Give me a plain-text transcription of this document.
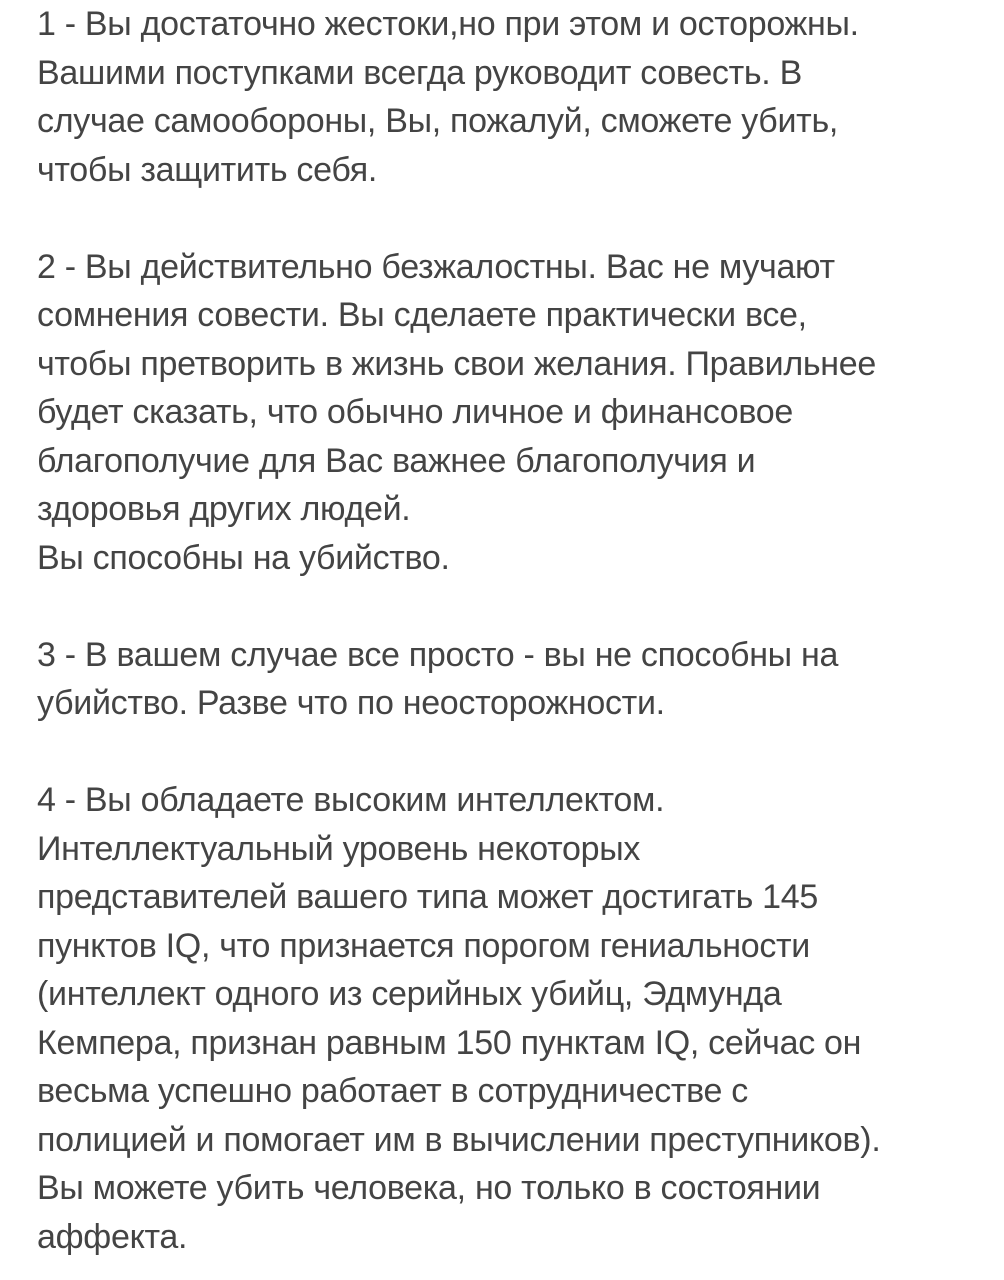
1 - Вы достаточно жестоки,но при этом и осторожны.
Вашими поступками всегда руководит совесть. В
случае самообороны, Вы, пожалуй, сможете убить,
чтобы защитить себя.

2 - Вы действительно безжалостны. Вас не мучают
сомнения совести. Вы сделаете практически все,
чтобы претворить в жизнь свои желания. Правильнее
будет сказать, что обычно личное и финансовое
благополучие для Вас важнее благополучия и
здоровья других людей.
Вы способны на убийство.

3 - В вашем случае все просто - вы не способны на
убийство. Разве что по неосторожности.

4 - Вы обладаете высоким интеллектом.
Интеллектуальный уровень некоторых
представителей вашего типа может достигать 145
пунктов IQ, что признается порогом гениальности
(интеллект одного из серийных убийц, Эдмунда
Кемпера, признан равным 150 пунктам IQ, сейчас он
весьма успешно работает в сотрудничестве с
полицией и помогает им в вычислении преступников).
Вы можете убить человека, но только в состоянии
аффекта.
